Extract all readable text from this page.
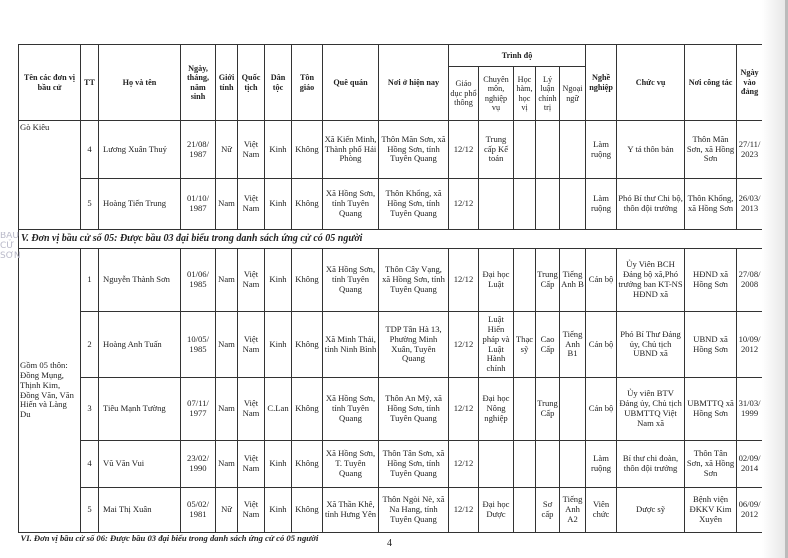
Tên các đơn vị bầu cử	TT	Họ và tên	Ngày, tháng, năm sinh	Giới tính	Quốc tịch	Dân tộc	Tôn giáo	Quê quán	Nơi ở hiện nay	Trình độ					Nghề nghiệp	Chức vụ	Nơi công tác	Ngày vào đảng	
										Giáo dục phổ thông	Chuyên môn, nghiệp vụ	Học hàm, học vị	Lý luận chính trị	Ngoại ngữ					
Gò Kiêu	4	Lương Xuân Thuỷ	21/08/ 1987	Nữ	Việt Nam	Kinh	Không	Xã Kiến Minh, Thành phố Hải Phòng	Thôn Mãn Sơn, xã Hồng Sơn, tỉnh Tuyên Quang	12/12	Trung cấp Kế toán				Làm ruộng	Y tá thôn bản	Thôn Mãn Sơn, xã Hồng Sơn	27/11/ 2023	
	5	Hoàng Tiến Trung	01/10/ 1987	Nam	Việt Nam	Kinh	Không	Xã Hồng Sơn, tỉnh Tuyên Quang	Thôn Khổng, xã Hồng Sơn, tỉnh Tuyên Quang	12/12					Làm ruộng	Phó Bí thư Chi bộ, thôn đội trưởng	Thôn Khổng, xã Hồng Sơn	26/03/ 2013	
V. Đơn vị bầu cử số 05: Được bầu 03 đại biểu trong danh sách ứng cử có 05 người																			
Gồm 05 thôn: Đồng Mụng, Thịnh Kim, Đồng Văn, Văn Hiến và Làng Du	1	Nguyễn Thành Sơn	01/06/ 1985	Nam	Việt Nam	Kinh	Không	Xã Hồng Sơn, tỉnh Tuyên Quang	Thôn Cây Vạng, xã Hồng Sơn, tỉnh Tuyên Quang	12/12	Đại học Luật		Trung Cấp	Tiếng Anh B	Cán bộ	Ủy Viên BCH Đảng bộ xã,Phó trưởng ban KT-NS HĐND xã	HĐND xã Hồng Sơn	27/08/ 2008	
	2	Hoàng Anh Tuấn	10/05/ 1985	Nam	Việt Nam	Kinh	Không	Xã Minh Thái, tỉnh Ninh Bình	TDP Tân Hà 13, Phường Minh Xuân, Tuyên Quang	12/12	Luật Hiến pháp và Luật Hành chính	Thạc sỹ	Cao Cấp	Tiếng Anh B1	Cán bộ	Phó Bí Thư Đảng ủy, Chủ tịch UBND xã	UBND xã Hồng Sơn	10/09/ 2012	
	3	Tiêu Mạnh Tường	07/11/ 1977	Nam	Việt Nam	C.Lan	Không	Xã Hồng Sơn, tỉnh Tuyên Quang	Thôn An Mỹ, xã Hồng Sơn, tỉnh Tuyên Quang	12/12	Đại học Nông nghiệp		Trung Cấp		Cán bộ	Ủy viên BTV Đảng ủy, Chủ tịch UBMTTQ Việt Nam xã	UBMTTQ xã Hồng Sơn	31/03/ 1999	
	4	Vũ Văn Vui	23/02/ 1990	Nam	Việt Nam	Kinh	Không	Xã Hồng Sơn, T. Tuyên Quang	Thôn Tân Sơn, xã Hồng Sơn, tỉnh Tuyên Quang	12/12					Làm ruộng	Bí thư chi đoàn, thôn đội trưởng	Thôn Tân Sơn, xã Hồng Sơn	02/09/ 2014	
	5	Mai Thị Xuân	05/02/ 1981	Nữ	Việt Nam	Kinh	Không	Xã Thần Khê, tỉnh Hưng Yên	Thôn Ngòi Nè, xã Na Hang, tỉnh Tuyên Quang	12/12	Đại học Dược		Sơ cấp	Tiếng Anh A2	Viên chức	Dược sỹ	Bệnh viện ĐKKV Kim Xuyên	06/09/ 2012	
VI. Đơn vị bầu cử số 06: Được bầu 03 đại biểu trong danh sách ứng cử có 05 người																			
BẦU CỬ SƠN
4
